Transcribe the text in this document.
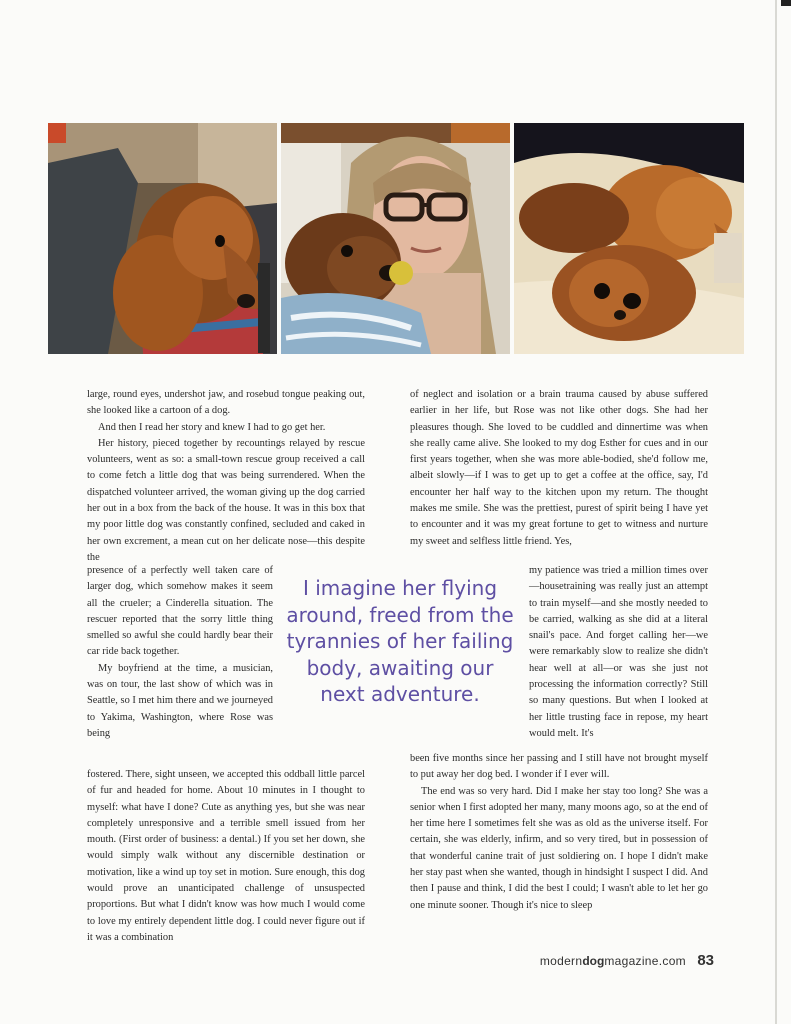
large, round eyes, undershot jaw, and rosebud tongue peaking out, she looked like a cartoon of a dog.

And then I read her story and knew I had to go get her.

Her history, pieced together by recountings relayed by rescue volunteers, went as so: a small-town rescue group received a call to come fetch a little dog that was being surrendered. When the dispatched volunteer arrived, the woman giving up the dog carried her out in a box from the back of the house. It was in this box that my poor little dog was constantly confined, secluded and caked in her own excrement, a mean cut on her delicate nose—this despite the

presence of a perfectly well taken care of larger dog, which somehow makes it seem all the crueler; a Cinderella situation. The rescuer reported that the sorry little thing smelled so awful she could hardly bear their car ride back together.

My boyfriend at the time, a musician, was on tour, the last show of which was in Seattle, so I met him there and we journeyed to Yakima, Washington, where Rose was being

I imagine her flying around, freed from the tyrannies of her failing body, awaiting our next adventure.

fostered. There, sight unseen, we accepted this oddball little parcel of fur and headed for home. About 10 minutes in I thought to myself: what have I done? Cute as anything yes, but she was near completely unresponsive and a terrible smell issued from her mouth. (First order of business: a dental.) If you set her down, she would simply walk without any discernible destination or motivation, like a wind up toy set in motion. Sure enough, this dog would prove an unanticipated challenge of unsuspected proportions. But what I didn't know was how much I would come to love my entirely dependent little dog. I could never figure out if it was a combination

of neglect and isolation or a brain trauma caused by abuse suffered earlier in her life, but Rose was not like other dogs. She had her pleasures though. She loved to be cuddled and dinnertime was when she really came alive. She looked to my dog Esther for cues and in our first years together, when she was more able-bodied, she'd follow me, albeit slowly—if I was to get up to get a coffee at the office, say, I'd encounter her half way to the kitchen upon my return. The thought makes me smile. She was the prettiest, purest of spirit being I have yet to encounter and it was my great fortune to get to witness and nurture my sweet and selfless little friend. Yes,

my patience was tried a million times over—housetraining was really just an attempt to train myself—and she mostly needed to be carried, walking as she did at a literal snail's pace. And forget calling her—we were remarkably slow to realize she didn't hear well at all—or was she just not processing the information correctly? Still so many questions. But when I looked at her little trusting face in repose, my heart would melt. It's

been five months since her passing and I still have not brought myself to put away her dog bed. I wonder if I ever will.

The end was so very hard. Did I make her stay too long? She was a senior when I first adopted her many, many moons ago, so at the end of her time here I sometimes felt she was as old as the universe itself. For certain, she was elderly, infirm, and so very tired, but in possession of that wonderful canine trait of just soldiering on. I hope I didn't make her stay past when she wanted, though in hindsight I suspect I did. And then I pause and think, I did the best I could; I wasn't able to let her go one minute sooner. Though it's nice to sleep

moderndogmagazine.com 83
